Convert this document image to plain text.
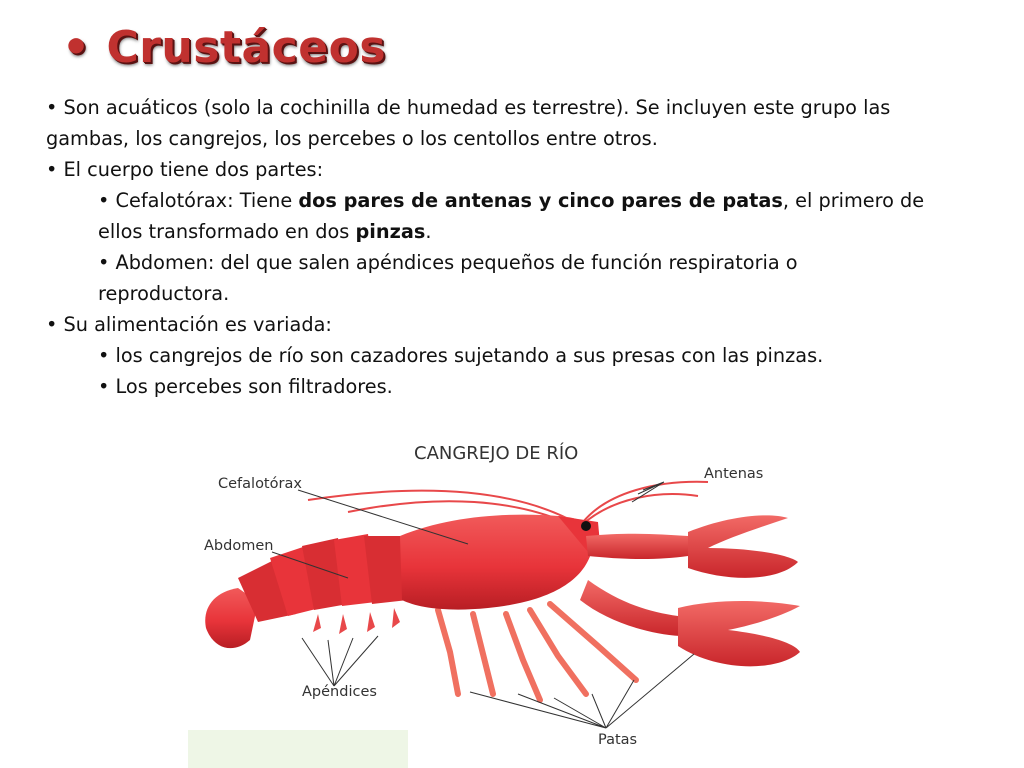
• Crustáceos
• Son acuáticos (solo la cochinilla de humedad es terrestre). Se incluyen este grupo las
gambas, los cangrejos, los percebes o los centollos entre otros.
• El cuerpo tiene dos partes:
• Cefalotórax: Tiene dos pares de antenas y cinco pares de patas, el primero de
ellos transformado en dos pinzas.
• Abdomen: del que salen apéndices pequeños de función respiratoria o
reproductora.
• Su alimentación es variada:
• los cangrejos de río son cazadores sujetando a sus presas con las pinzas.
• Los percebes son filtradores.
CANGREJO DE RÍO
Cefalotórax
Abdomen
Apéndices
Antenas
Patas
